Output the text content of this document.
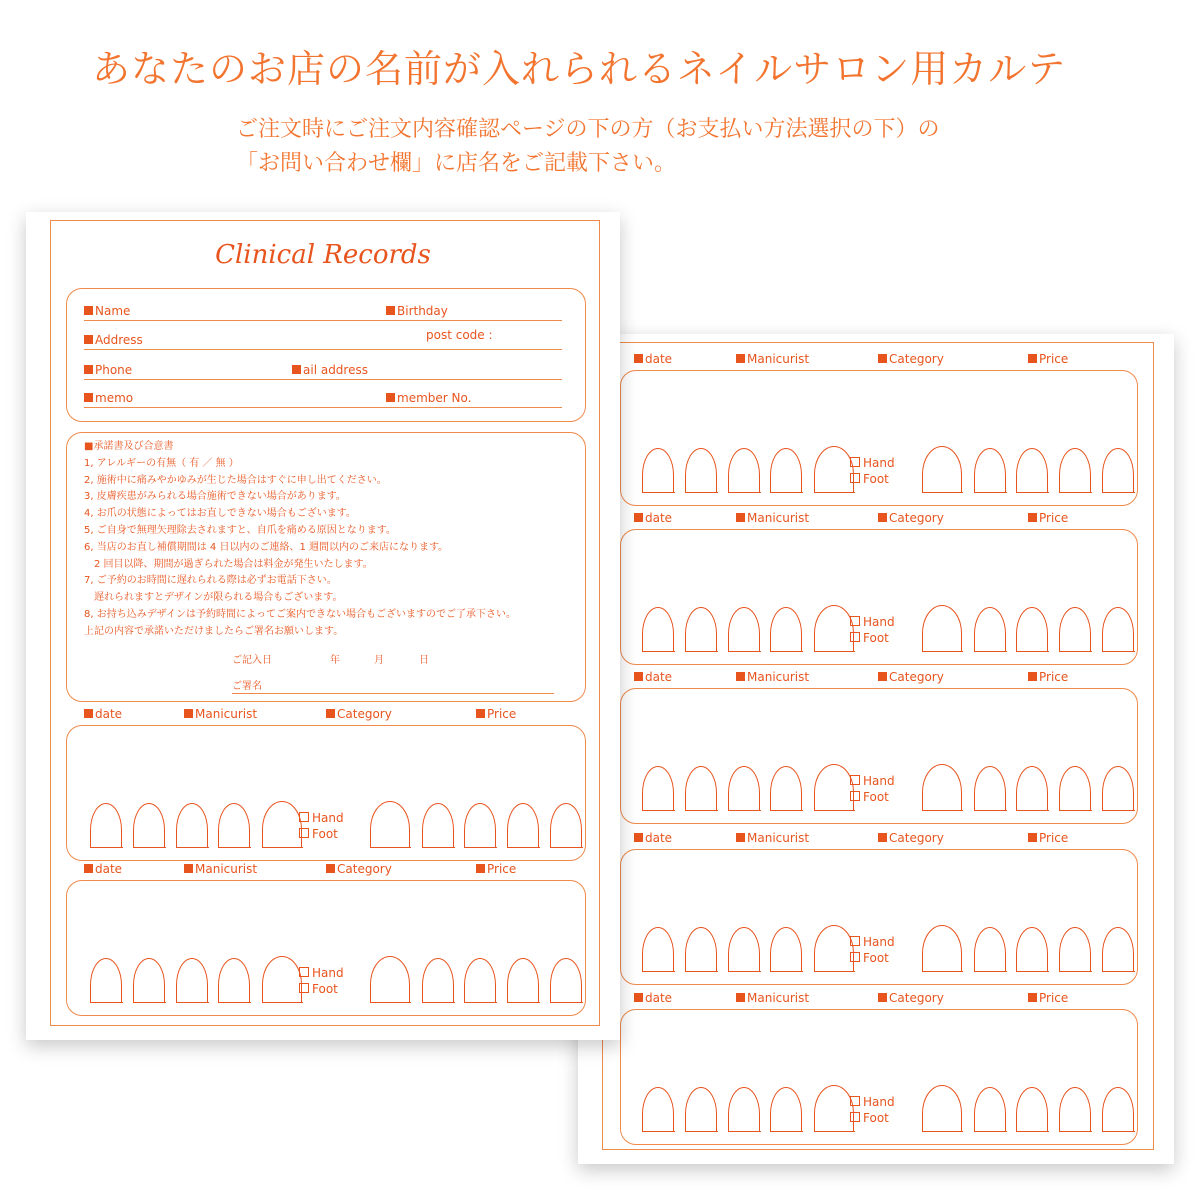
あなたのお店の名前が入れられるネイルサロン用カルテ
ご注文時にご注文内容確認ページの下の方（お支払い方法選択の下）の
「お問い合わせ欄」に店名をご記載下さい。
Clinical Records
Name	Birthday
Address	post code :
Phone	ail address
memo	member No.
■承諾書及び合意書
1, アレルギーの有無（ 有 ／ 無 ）
2, 施術中に痛みやかゆみが生じた場合はすぐに申し出てください。
3, 皮膚疾患がみられる場合施術できない場合があります。
4, お爪の状態によってはお直しできない場合もございます。
5, ご自身で無理矢理除去されますと、自爪を痛める原因となります。
6, 当店のお直し補償期間は 4 日以内のご連絡、1 週間以内のご来店になります。
　2 回目以降、期間が過ぎられた場合は料金が発生いたします。
7, ご予約のお時間に遅れられる際は必ずお電話下さい。
　遅れられますとデザインが限られる場合もございます。
8, お持ち込みデザインは予約時間によってご案内できない場合もございますのでご了承下さい。
上記の内容で承諾いただけましたらご署名お願いします。
ご記入日	年	月	日
ご署名
date	Manicurist	Category	Price
Hand
Foot
date	Manicurist	Category	Price
Hand
Foot
date	Manicurist	Category	Price
Hand
Foot
date	Manicurist	Category	Price
Hand
Foot
date	Manicurist	Category	Price
Hand
Foot
date	Manicurist	Category	Price
Hand
Foot
date	Manicurist	Category	Price
Hand
Foot
